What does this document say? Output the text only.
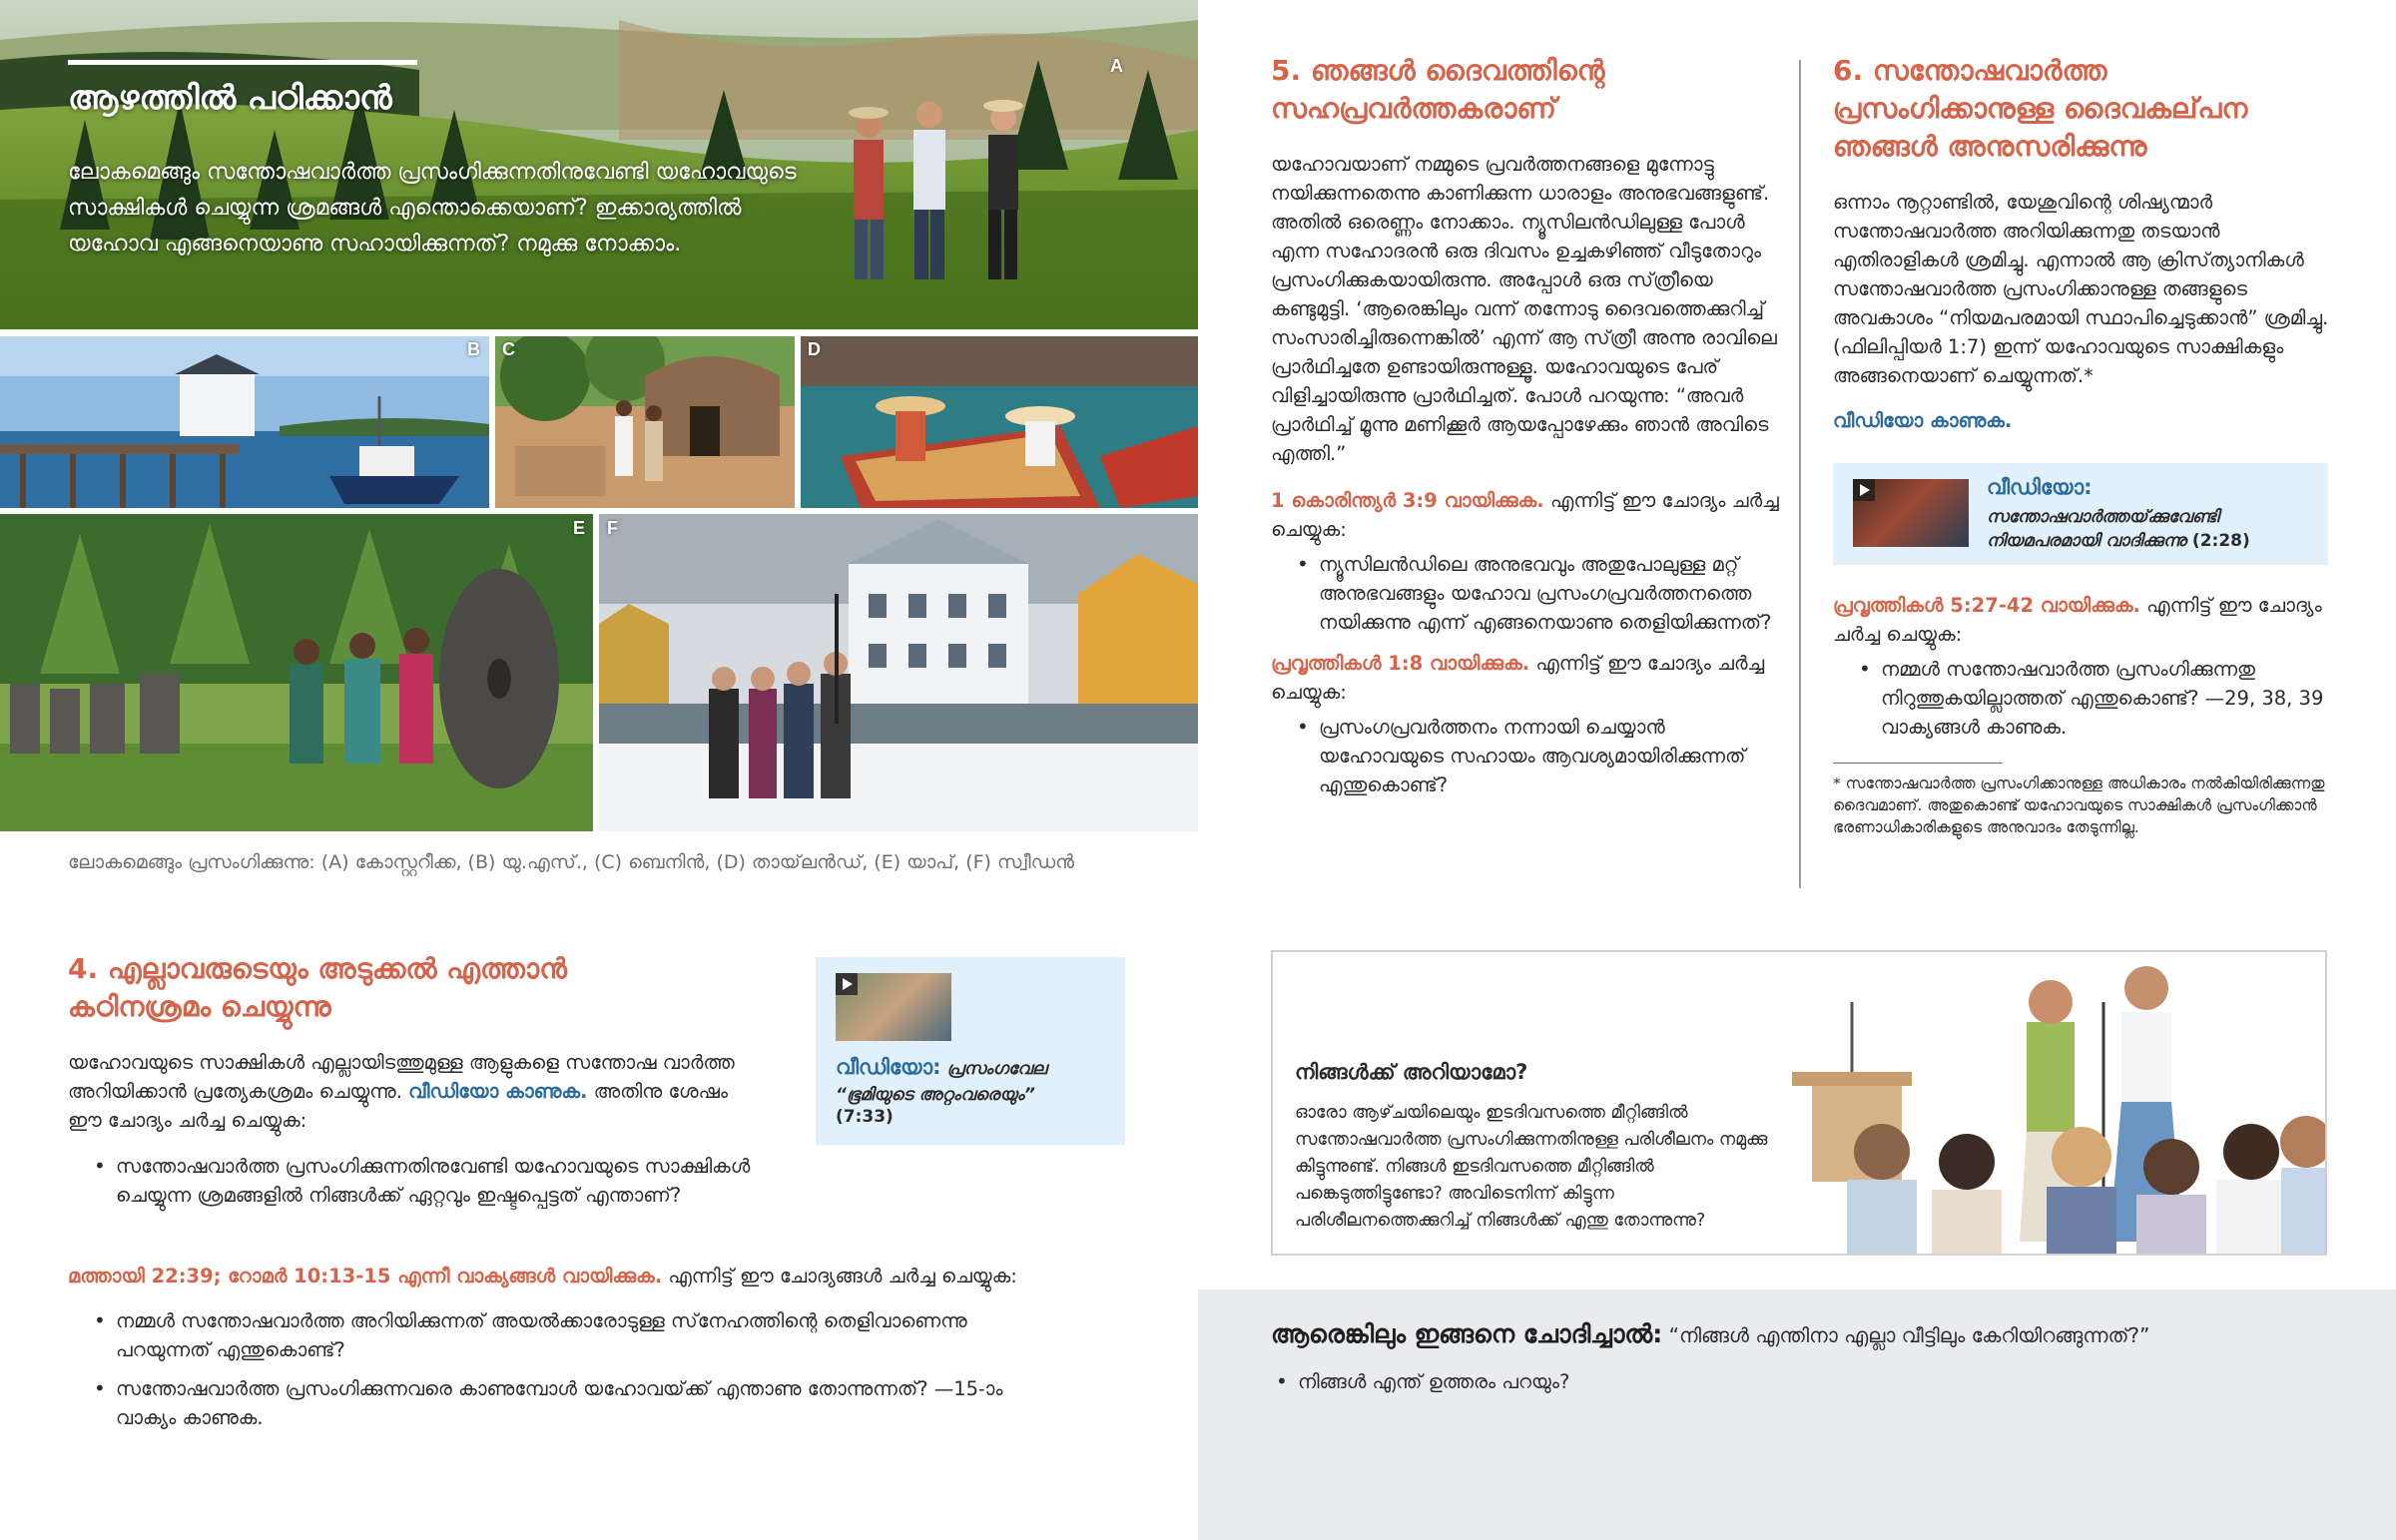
A
ആഴത്തിൽ പഠിക്കാൻ
ലോകമെങ്ങും സന്തോഷവാർത്ത പ്രസംഗിക്കുന്നതിനുവേണ്ടി യഹോവയുടെ സാക്ഷികൾ ചെയ്യുന്ന ശ്രമങ്ങൾ എന്തൊക്കെയാണ്? ഇക്കാര്യത്തിൽ യഹോവ എങ്ങനെയാണു സഹായിക്കുന്നത്? നമുക്കു നോക്കാം.
B C	D
E F
ലോകമെങ്ങും പ്രസംഗിക്കുന്നു: (A) കോസ്റ്ററീക്ക, (B) യു.എസ്‌., (C) ബെനിൻ, (D) തായ്‌ലൻഡ്‌, (E) യാപ്‌, (F) സ്വീഡൻ
4. എല്ലാവരുടെയും അടുക്കൽ എത്താൻ
കഠിനശ്രമം ചെയ്യുന്നു
വീഡിയോ: പ്രസംഗവേല “ഭൂമിയുടെ അറ്റംവരെയും”
(7:33)
യഹോവയുടെ സാക്ഷികൾ എല്ലായിടത്തുമുള്ള ആളുകളെ സന്തോഷ വാർത്ത അറിയിക്കാൻ പ്രത്യേകശ്രമം ചെയ്യുന്നു. വീഡിയോ കാണുക. അതിനു ശേഷം ഈ ചോദ്യം ചർച്ച ചെയ്യുക:
• സന്തോഷവാർത്ത പ്രസംഗിക്കുന്നതിനുവേണ്ടി യഹോവയുടെ സാക്ഷികൾ ചെയ്യുന്ന ശ്രമങ്ങളിൽ നിങ്ങൾക്ക്‌ ഏറ്റവും ഇഷ്ടപ്പെട്ടത്‌ എന്താണ്‌?
മത്തായി 22:39; റോമർ 10:13-15 എന്നീ വാക്യങ്ങൾ വായിക്കുക. എന്നിട്ട്‌ ഈ ചോദ്യങ്ങൾ ചർച്ച ചെയ്യുക:
• നമ്മൾ സന്തോഷവാർത്ത അറിയിക്കുന്നത്‌ അയൽക്കാരോടുള്ള സ്‌നേഹത്തിന്റെ തെളിവാണെന്നു പറയുന്നത്‌ എന്തുകൊണ്ട്‌?
• സന്തോഷവാർത്ത പ്രസംഗിക്കുന്നവരെ കാണുമ്പോൾ യഹോവയ്‌ക്ക്‌ എന്താണു തോന്നുന്നത്‌? —15-ാം വാക്യം കാണുക.
5. ഞങ്ങൾ ദൈവത്തിന്റെ
സഹപ്രവർത്തകരാണ്‌
യഹോവയാണ്‌ നമ്മുടെ പ്രവർത്തനങ്ങളെ മുന്നോട്ടു നയിക്കുന്നതെന്നു കാണിക്കുന്ന ധാരാളം അനുഭവങ്ങളുണ്ട്‌. അതിൽ ഒരെണ്ണം നോക്കാം. ന്യൂസിലൻഡിലുള്ള പോൾ എന്ന സഹോദരൻ ഒരു ദിവസം ഉച്ചകഴിഞ്ഞ്‌ വീടുതോറും പ്രസംഗിക്കുകയായിരുന്നു. അപ്പോൾ ഒരു സ്‌ത്രീയെ കണ്ടുമുട്ടി. ‘ആരെങ്കിലും വന്ന്‌ തന്നോടു ദൈവത്തെക്കുറിച്ച്‌ സംസാരിച്ചിരുന്നെങ്കിൽ’ എന്ന്‌ ആ സ്‌ത്രീ അന്നു രാവിലെ പ്രാർഥിച്ചതേ ഉണ്ടായിരുന്നുള്ളൂ. യഹോവയുടെ പേര്‌ വിളിച്ചായിരുന്നു പ്രാർഥിച്ചത്‌. പോൾ പറയുന്നു: “അവർ പ്രാർഥിച്ച്‌ മൂന്നു മണിക്കൂർ ആയപ്പോഴേക്കും ഞാൻ അവിടെ എത്തി.”
1 കൊരിന്ത്യർ 3:9 വായിക്കുക. എന്നിട്ട്‌ ഈ ചോദ്യം ചർച്ച ചെയ്യുക:
• ന്യൂസിലൻഡിലെ അനുഭവവും അതുപോലുള്ള മറ്റ്‌ അനുഭവങ്ങളും യഹോവ പ്രസംഗപ്രവർത്തനത്തെ നയിക്കുന്നു എന്ന്‌ എങ്ങനെയാണു തെളിയിക്കുന്നത്‌?
പ്രവൃത്തികൾ 1:8 വായിക്കുക. എന്നിട്ട്‌ ഈ ചോദ്യം ചർച്ച ചെയ്യുക:
• പ്രസംഗപ്രവർത്തനം നന്നായി ചെയ്യാൻ യഹോവയുടെ സഹായം ആവശ്യമായിരിക്കുന്നത്‌ എന്തുകൊണ്ട്‌?
6. സന്തോഷവാർത്ത
പ്രസംഗിക്കാനുള്ള ദൈവകല്‌പന
ഞങ്ങൾ അനുസരിക്കുന്നു
ഒന്നാം നൂറ്റാണ്ടിൽ, യേശുവിന്റെ ശിഷ്യന്മാർ സന്തോഷവാർത്ത അറിയിക്കുന്നതു തടയാൻ എതിരാളികൾ ശ്രമിച്ചു. എന്നാൽ ആ ക്രിസ്‌ത്യാനികൾ സന്തോഷവാർത്ത പ്രസംഗിക്കാനുള്ള തങ്ങളുടെ അവകാശം “നിയമപരമായി സ്ഥാപിച്ചെടുക്കാൻ” ശ്രമിച്ചു. (ഫിലിപ്പിയർ 1:7) ഇന്ന്‌ യഹോവയുടെ സാക്ഷികളും അങ്ങനെയാണ്‌ ചെയ്യുന്നത്‌.*
വീഡിയോ കാണുക.
വീഡിയോ:
സന്തോഷവാർത്തയ്‌ക്കുവേണ്ടി നിയമപരമായി വാദിക്കുന്നു (2:28)
പ്രവൃത്തികൾ 5:27-42 വായിക്കുക. എന്നിട്ട്‌ ഈ ചോദ്യം ചർച്ച ചെയ്യുക:
• നമ്മൾ സന്തോഷവാർത്ത പ്രസംഗിക്കുന്നതു നിറുത്തുകയില്ലാത്തത്‌ എന്തുകൊണ്ട്‌? —29, 38, 39 വാക്യങ്ങൾ കാണുക.
* സന്തോഷവാർത്ത പ്രസംഗിക്കാനുള്ള അധികാരം നൽകിയിരിക്കുന്നതു ദൈവമാണ്‌. അതുകൊണ്ട്‌ യഹോവയുടെ സാക്ഷികൾ പ്രസംഗിക്കാൻ ഭരണാധികാരികളുടെ അനുവാദം തേടുന്നില്ല.
നിങ്ങൾക്ക്‌ അറിയാമോ?
ഓരോ ആഴ്‌ചയിലെയും ഇടദിവസത്തെ മീറ്റിങ്ങിൽ സന്തോഷവാർത്ത പ്രസംഗിക്കുന്നതിനുള്ള പരിശീലനം നമുക്കു കിട്ടുന്നുണ്ട്‌. നിങ്ങൾ ഇടദിവസത്തെ മീറ്റിങ്ങിൽ പങ്കെടുത്തിട്ടുണ്ടോ? അവിടെനിന്ന്‌ കിട്ടുന്ന പരിശീലനത്തെക്കുറിച്ച്‌ നിങ്ങൾക്ക്‌ എന്തു തോന്നുന്നു?
ആരെങ്കിലും ഇങ്ങനെ ചോദിച്ചാൽ: “നിങ്ങൾ എന്തിനാ എല്ലാ വീട്ടിലും കേറിയിറങ്ങുന്നത്‌?”
• നിങ്ങൾ എന്ത്‌ ഉത്തരം പറയും?
